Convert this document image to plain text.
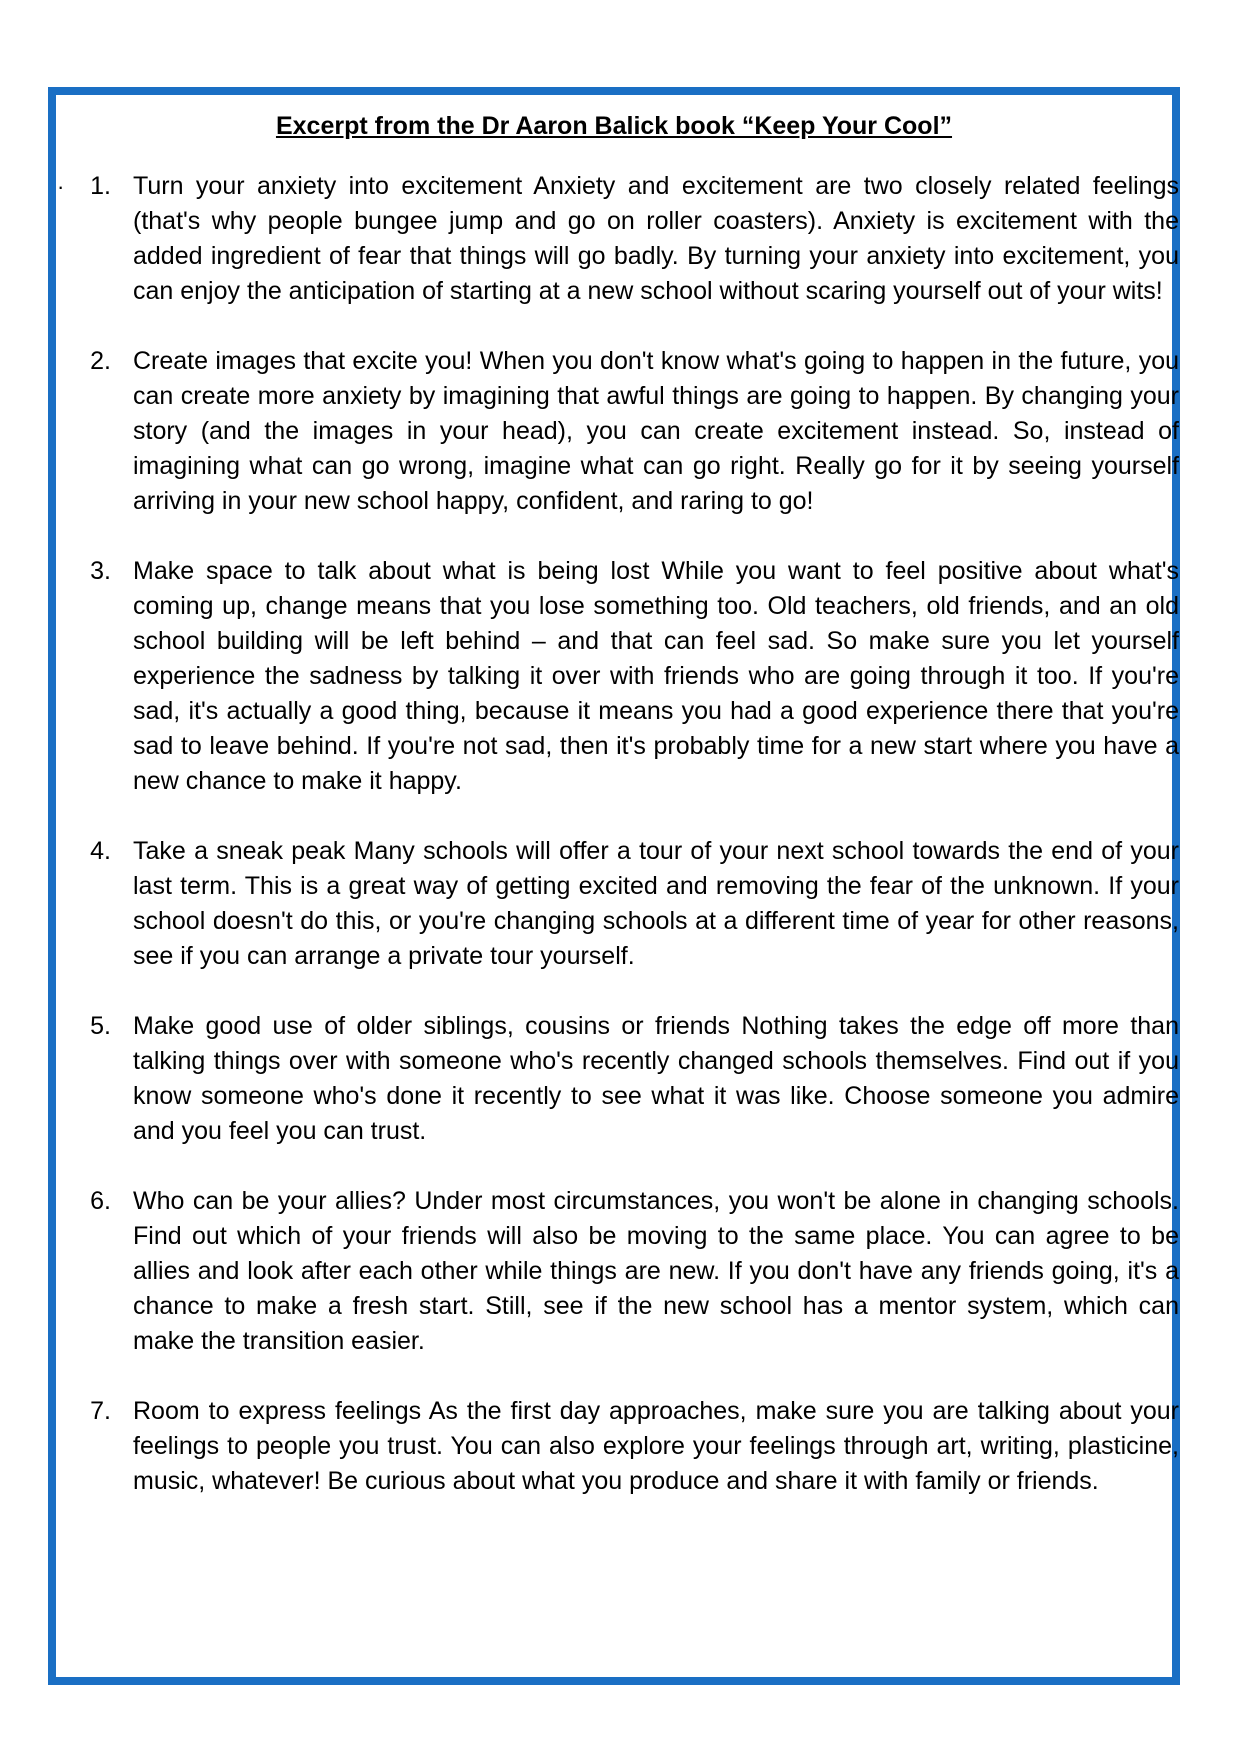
Excerpt from the Dr Aaron Balick book “Keep Your Cool”
·	1. Turn your anxiety into excitement Anxiety and excitement are two closely related feelings (that's why people bungee jump and go on roller coasters). Anxiety is excitement with the added ingredient of fear that things will go badly. By turning your anxiety into excitement, you can enjoy the anticipation of starting at a new school without scaring yourself out of your wits!
2. Create images that excite you! When you don't know what's going to happen in the future, you can create more anxiety by imagining that awful things are going to happen. By changing your story (and the images in your head), you can create excitement instead. So, instead of imagining what can go wrong, imagine what can go right. Really go for it by seeing yourself arriving in your new school happy, confident, and raring to go!
3. Make space to talk about what is being lost While you want to feel positive about what's coming up, change means that you lose something too. Old teachers, old friends, and an old school building will be left behind – and that can feel sad. So make sure you let yourself experience the sadness by talking it over with friends who are going through it too. If you're sad, it's actually a good thing, because it means you had a good experience there that you're sad to leave behind. If you're not sad, then it's probably time for a new start where you have a new chance to make it happy.
4. Take a sneak peak Many schools will offer a tour of your next school towards the end of your last term. This is a great way of getting excited and removing the fear of the unknown. If your school doesn't do this, or you're changing schools at a different time of year for other reasons, see if you can arrange a private tour yourself.
5. Make good use of older siblings, cousins or friends Nothing takes the edge off more than talking things over with someone who's recently changed schools themselves. Find out if you know someone who's done it recently to see what it was like. Choose someone you admire and you feel you can trust.
6. Who can be your allies? Under most circumstances, you won't be alone in changing schools. Find out which of your friends will also be moving to the same place. You can agree to be allies and look after each other while things are new. If you don't have any friends going, it's a chance to make a fresh start. Still, see if the new school has a mentor system, which can make the transition easier.
7. Room to express feelings As the first day approaches, make sure you are talking about your feelings to people you trust. You can also explore your feelings through art, writing, plasticine, music, whatever! Be curious about what you produce and share it with family or friends.
